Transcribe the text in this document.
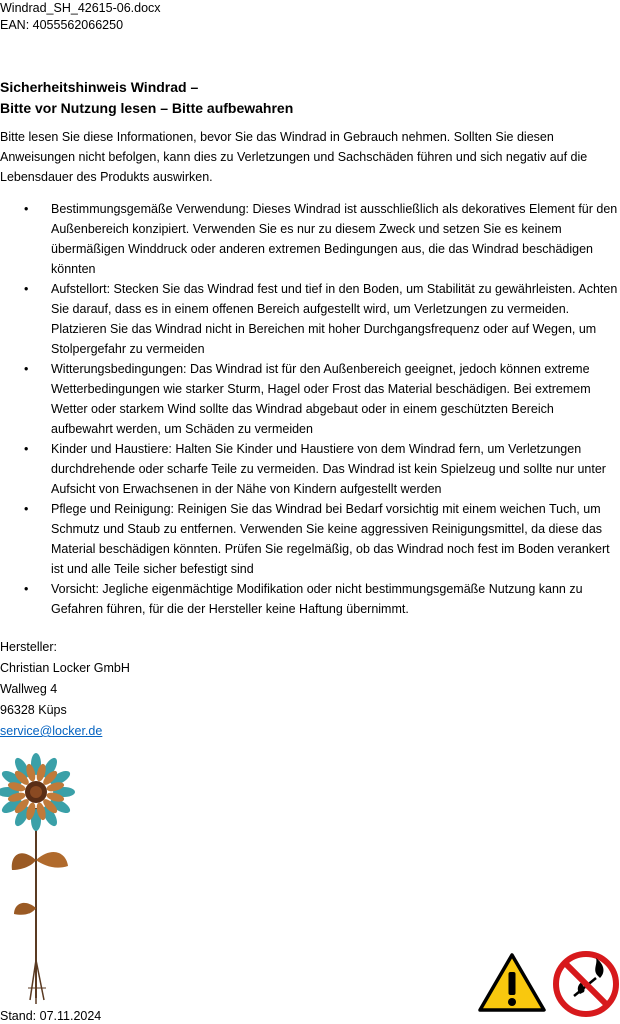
Windrad_SH_42615-06.docx
EAN: 4055562066250
Sicherheitshinweis Windrad –
Bitte vor Nutzung lesen – Bitte aufbewahren
Bitte lesen Sie diese Informationen, bevor Sie das Windrad in Gebrauch nehmen. Sollten Sie diesen Anweisungen nicht befolgen, kann dies zu Verletzungen und Sachschäden führen und sich negativ auf die Lebensdauer des Produkts auswirken.
• Bestimmungsgemäße Verwendung: Dieses Windrad ist ausschließlich als dekoratives Element für den Außenbereich konzipiert. Verwenden Sie es nur zu diesem Zweck und setzen Sie es keinem übermäßigen Winddruck oder anderen extremen Bedingungen aus, die das Windrad beschädigen könnten
• Aufstellort: Stecken Sie das Windrad fest und tief in den Boden, um Stabilität zu gewährleisten. Achten Sie darauf, dass es in einem offenen Bereich aufgestellt wird, um Verletzungen zu vermeiden. Platzieren Sie das Windrad nicht in Bereichen mit hoher Durchgangsfrequenz oder auf Wegen, um Stolpergefahr zu vermeiden
• Witterungsbedingungen: Das Windrad ist für den Außenbereich geeignet, jedoch können extreme Wetterbedingungen wie starker Sturm, Hagel oder Frost das Material beschädigen. Bei extremem Wetter oder starkem Wind sollte das Windrad abgebaut oder in einem geschützten Bereich aufbewahrt werden, um Schäden zu vermeiden
• Kinder und Haustiere: Halten Sie Kinder und Haustiere von dem Windrad fern, um Verletzungen durchdrehende oder scharfe Teile zu vermeiden. Das Windrad ist kein Spielzeug und sollte nur unter Aufsicht von Erwachsenen in der Nähe von Kindern aufgestellt werden
• Pflege und Reinigung: Reinigen Sie das Windrad bei Bedarf vorsichtig mit einem weichen Tuch, um Schmutz und Staub zu entfernen. Verwenden Sie keine aggressiven Reinigungsmittel, da diese das Material beschädigen könnten. Prüfen Sie regelmäßig, ob das Windrad noch fest im Boden verankert ist und alle Teile sicher befestigt sind
• Vorsicht: Jegliche eigenmächtige Modifikation oder nicht bestimmungsgemäße Nutzung kann zu Gefahren führen, für die der Hersteller keine Haftung übernimmt.
Hersteller:
Christian Locker GmbH
Wallweg 4
96328 Küps
service@locker.de
Stand: 07.11.2024
